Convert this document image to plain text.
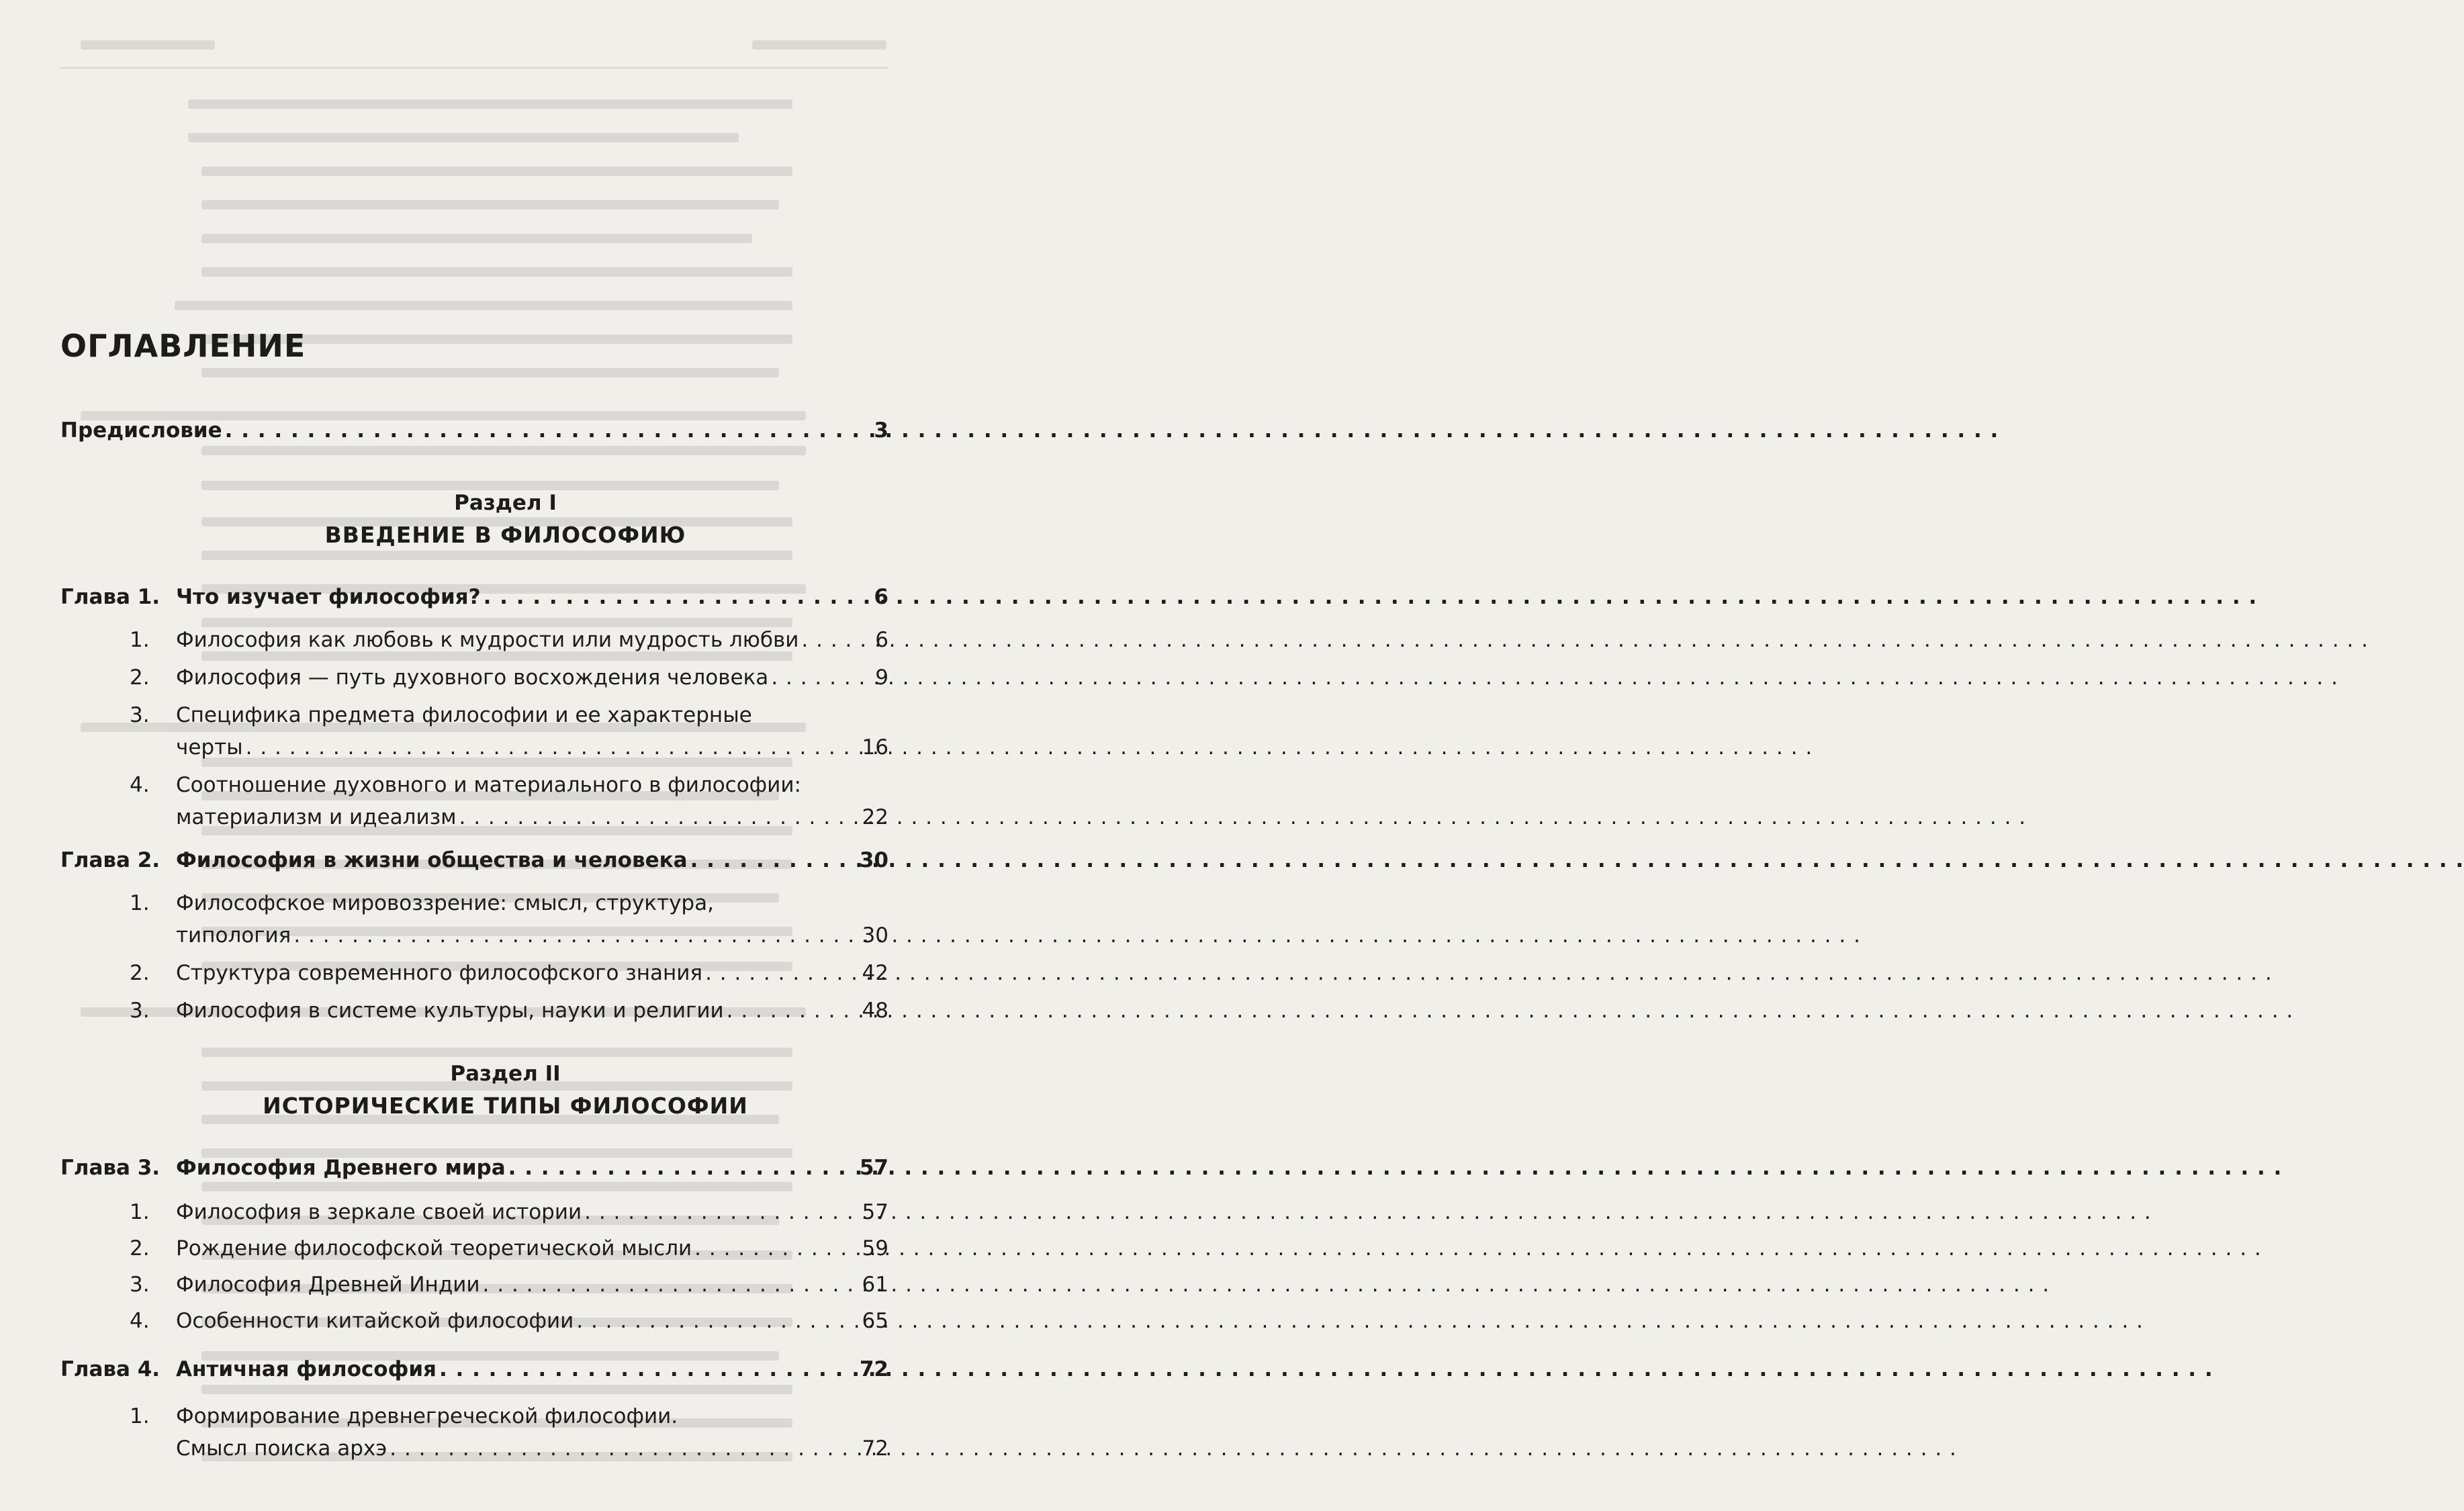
ОГЛАВЛЕНИЕ
Предисловие . . .	3
Раздел I
ВВЕДЕНИЕ В ФИЛОСОФИЮ
Глава 1. Что изучает философия? . . .	6
1. Философия как любовь к мудрости или мудрость любви . . .	6
2. Философия — путь духовного восхождения человека . . .	9
3. Специфика предмета философии и ее характерные
черты . . .	16
4. Соотношение духовного и материального в философии:
материализм и идеализм . . .	22
Глава 2. Философия в жизни общества и человека . . .	30
1. Философское мировоззрение: смысл, структура,
типология . . .	30
2. Структура современного философского знания . . .	42
3. Философия в системе культуры, науки и религии . . .	48
Раздел II
ИСТОРИЧЕСКИЕ ТИПЫ ФИЛОСОФИИ
Глава 3. Философия Древнего мира . . .	57
1. Философия в зеркале своей истории . . .	57
2. Рождение философской теоретической мысли . . .	59
3. Философия Древней Индии . . .	61
4. Особенности китайской философии . . .	65
Глава 4. Античная философия . . .	72
1. Формирование древнегреческой философии.
Смысл поиска архэ . . .	72
